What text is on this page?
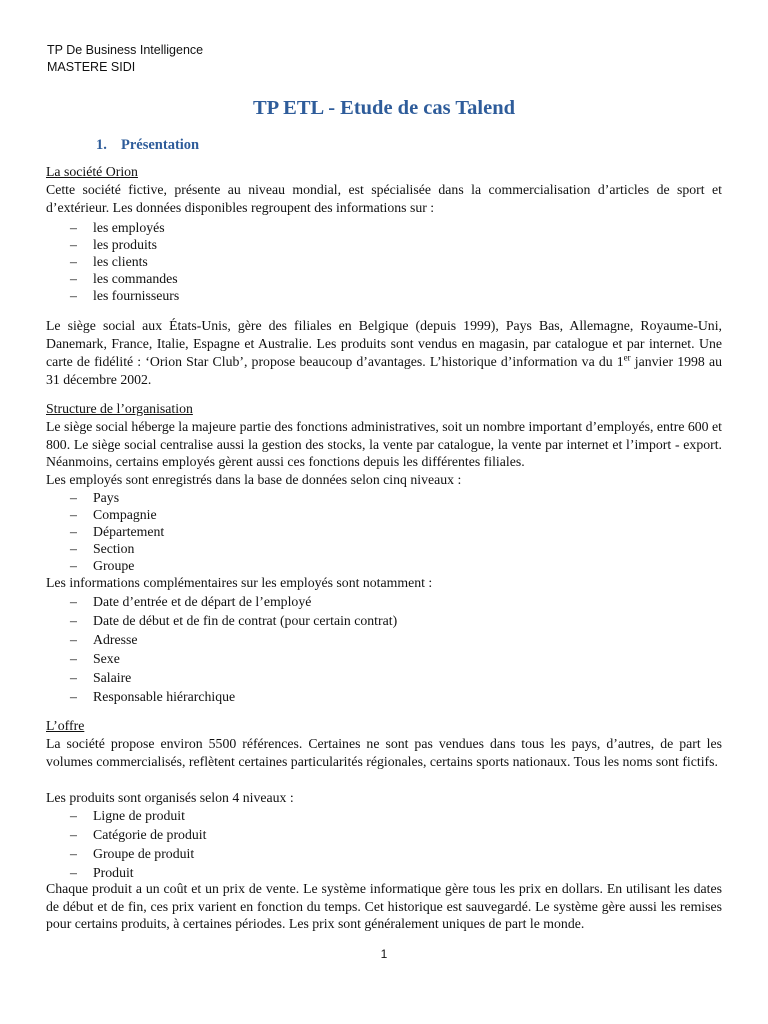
TP De Business Intelligence
MASTERE SIDI
TP ETL - Etude de cas Talend
1. Présentation
La société Orion

Cette société fictive, présente au niveau mondial, est spécialisée dans la commercialisation d’articles de sport et d’extérieur. Les données disponibles regroupent des informations sur :

– les employés
– les produits
– les clients
– les commandes
– les fournisseurs

Le siège social aux États-Unis, gère des filiales en Belgique (depuis 1999), Pays Bas, Allemagne, Royaume-Uni, Danemark, France, Italie, Espagne et Australie. Les produits sont vendus en magasin, par catalogue et par internet. Une carte de fidélité : ‘Orion Star Club’, propose beaucoup d’avantages. L’historique d’information va du 1er janvier 1998 au 31 décembre 2002.

Structure de l’organisation

Le siège social héberge la majeure partie des fonctions administratives, soit un nombre important d’employés, entre 600 et 800. Le siège social centralise aussi la gestion des stocks, la vente par catalogue, la vente par internet et l’import - export. Néanmoins, certains employés gèrent aussi ces fonctions depuis les différentes filiales.

Les employés sont enregistrés dans la base de données selon cinq niveaux :
– Pays
– Compagnie
– Département
– Section
– Groupe
Les informations complémentaires sur les employés sont notamment :
– Date d’entrée et de départ de l’employé
– Date de début et de fin de contrat (pour certain contrat)
– Adresse
– Sexe
– Salaire
– Responsable hiérarchique
L’offre

La société propose environ 5500 références. Certaines ne sont pas vendues dans tous les pays, d’autres, de part les volumes commercialisés, reflètent certaines particularités régionales, certains sports nationaux. Tous les noms sont fictifs.

Les produits sont organisés selon 4 niveaux :
– Ligne de produit
– Catégorie de produit
– Groupe de produit
– Produit

Chaque produit a un coût et un prix de vente. Le système informatique gère tous les prix en dollars. En utilisant les dates de début et de fin, ces prix varient en fonction du temps. Cet historique est sauvegardé. Le système gère aussi les remises pour certains produits, à certaines périodes. Les prix sont généralement uniques de part le monde.

1
